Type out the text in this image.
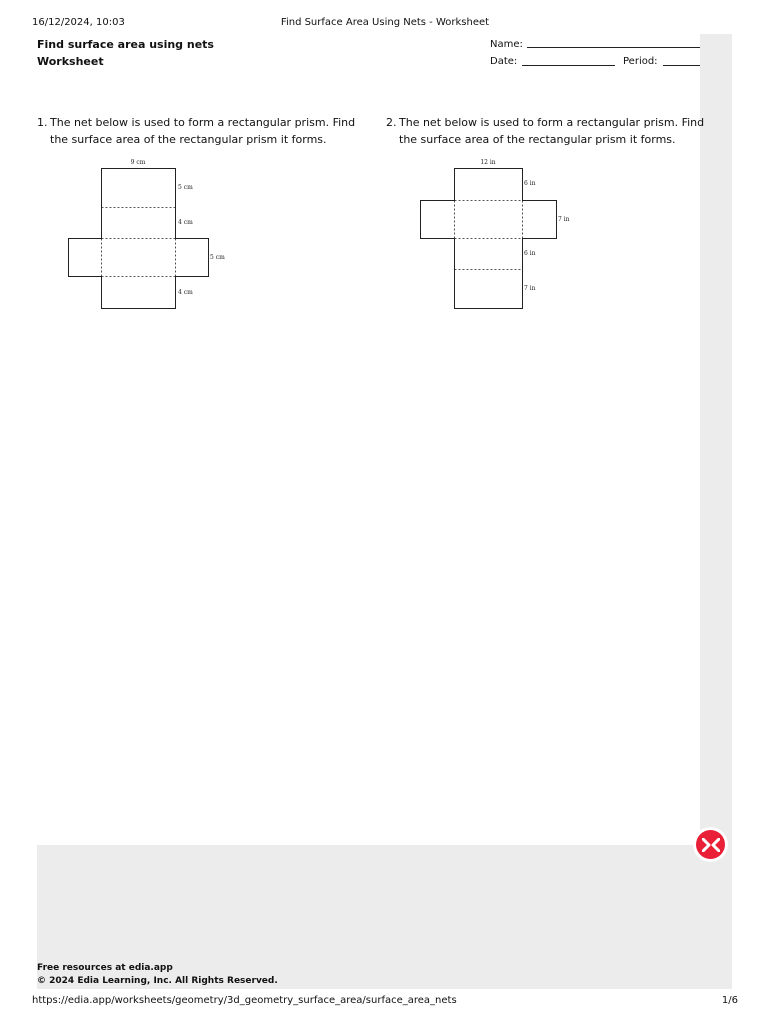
16/12/2024, 10:03	Find Surface Area Using Nets - Worksheet
Find surface area using nets
Worksheet
Name:
Date:	Period:
1. The net below is used to form a rectangular prism. Find the surface area of the rectangular prism it forms.
9 cm
5 cm
4 cm
5 cm
4 cm
2. The net below is used to form a rectangular prism. Find the surface area of the rectangular prism it forms.
12 in
6 in
7 in
6 in
7 in
Free resources at edia.app
© 2024 Edia Learning, Inc. All Rights Reserved.
https://edia.app/worksheets/geometry/3d_geometry_surface_area/surface_area_nets	1/6
